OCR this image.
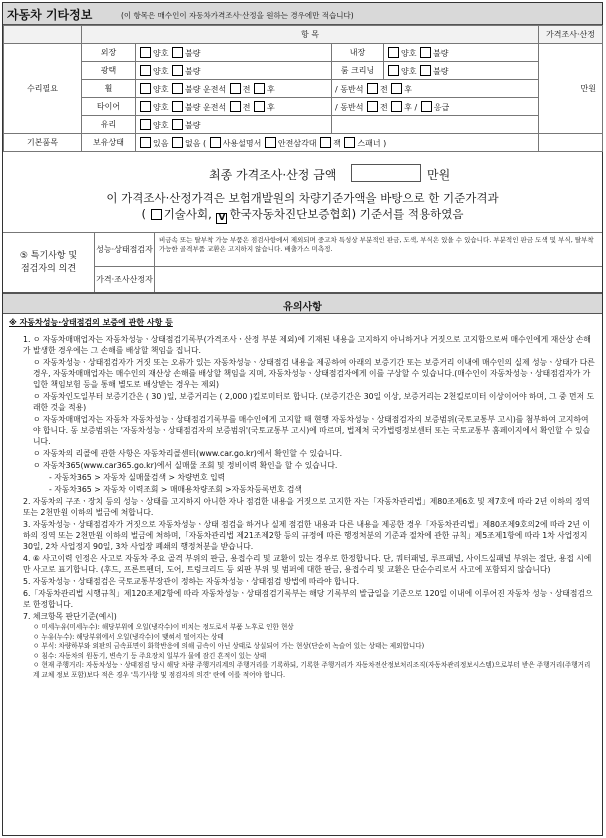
자동차 기타정보	(이 항목은 매수인이 자동차가격조사·산정을 원하는 경우에만 적습니다)
	항 목				가격조사·산정
수리필요	외장	양호 불량	내장	양호 불량	만원
	광택	양호 불량	룸 크리닝	양호 불량	
	휠	양호 불량 운전석 전 후	/ 동반석 전 후		
	타이어	양호 불량 운전석 전 후	/ 동반석 전 후 / 응급		
	유리	양호 불량			
기본품목	보유상태	있음 없음 ( 사용설명서 안전삼각대 잭 스패너 )			
최종 가격조사·산정 금액	만원
이 가격조사·산정가격은 보험개발원의 차량기준가액을 바탕으로 한 기준가격과
( 기술사회, V 한국자동차진단보증협회) 기준서를 적용하였음
⑤ 특기사항 및
점검자의 의견
성능·상태점검자
비금속 또는 탈부착 가능 부품은 점검사항에서 제외되며 중고차 특성상 부분적인 판금, 도색, 부식은 있을 수 있습니다. 부분적인 판금 도색 및 부식, 탈부착 가능한 골격부품 교환은 고지하지 않습니다. 배출가스 미측정.
가격·조사산정자
유의사항
※ 자동차성능·상태점검의 보증에 관한 사항 등
1. ㅇ 자동차매매업자는 자동차성능ㆍ상태점검기록부(가격조사ㆍ산정 부분 제외)에 기재된 내용을 고지하지 아니하거나 거짓으로 고지함으로써 매수인에게 재산상 손해가 발생한 경우에는 그 손해를 배상할 책임을 집니다.
ㅇ 자동차성능ㆍ상태점검자가 거짓 또는 오류가 있는 자동차성능ㆍ상태점검 내용을 제공하여 아래의 보증기간 또는 보증거리 이내에 매수인의 실제 성능ㆍ상태가 다른 경우, 자동차매매업자는 매수인의 재산상 손해를 배상할 책임을 지며, 자동차성능ㆍ상태점검자에게 이를 구상할 수 있습니다.(매수인이 자동차성능ㆍ상태점검자가 가입한 책임보험 등을 통해 별도로 배상받는 경우는 제외)
ㅇ 자동차인도일부터 보증기간은 ( 30 )일, 보증거리는 ( 2,000 )킬로미터로 합니다. (보증기간은 30일 이상, 보증거리는 2천킬로미터 이상이어야 하며, 그 중 먼저 도래한 것을 적용)
ㅇ 자동차매매업자는 자동차 자동차성능ㆍ상태점검기록부를 매수인에게 고지할 때 현행 자동차성능ㆍ상태점검자의 보증범위(국토교통부 고시)를 첨부하여 고지하여야 합니다. 동 보증범위는 '자동차성능ㆍ상태점검자의 보증범위'(국토교통부 고시)에 따르며, 법제처 국가법령정보센터 또는 국토교통부 홈페이지에서 확인할 수 있습니다.
ㅇ 자동차의 리콜에 관한 사항은 자동차리콜센터(www.car.go.kr)에서 확인할 수 있습니다.
ㅇ 자동차365(www.car365.go.kr)에서 실매물 조회 및 정비이력 확인을 할 수 있습니다.
- 자동차365 > 자동차 실매물검색 > 차량번호 입력
- 자동차365 > 자동차 이력조회 > 매매용차량조회 >자동차등록번호 검색
2. 자동차의 구조ㆍ장치 등의 성능ㆍ상태를 고지하지 아니한 자나 점검한 내용을 거짓으로 고지한 자는「자동차관리법」제80조제6호 및 제7호에 따라 2년 이하의 징역 또는 2천만원 이하의 벌금에 처합니다.
3. 자동차성능ㆍ상태점검자가 거짓으로 자동차성능ㆍ상태 점검을 하거나 실제 점검한 내용과 다른 내용을 제공한 경우「자동차관리법」제80조제9호의2에 따라 2년 이하의 징역 또는 2천만원 이하의 벌금에 처하며,「자동차관리법 제21조제2항 등의 규정에 따른 행정처분의 기준과 절차에 관한 규칙」제5조제1항에 따라 1차 사업정지 30일, 2차 사업정지 90일, 3차 사업장 폐쇄의 행정처분을 받습니다.
4. ⑥ 사고이력 인정은 사고로 자동차 주요 골격 부위의 판금, 용접수리 및 교환이 있는 경우로 한정합니다. 단, 쿼터패널, 루프패널, 사이드실패널 부위는 절단, 용접 시에만 사고로 표기합니다. (후드, 프론트펜더, 도어, 트렁크리드 등 외판 부위 및 범퍼에 대한 판금, 용접수리 및 교환은 단순수리로서 사고에 포함되지 않습니다)
5. 자동차성능ㆍ상태점검은 국토교통부장관이 정하는 자동차성능ㆍ상태점검 방법에 따라야 합니다.
6.「자동차관리법 시행규칙」제120조제2항에 따라 자동차성능ㆍ상태점검기록부는 해당 기록부의 발급일을 기준으로 120일 이내에 이루어진 자동차 성능ㆍ상태점검으로 한정합니다.
7. 체크항목 판단기준(예시)
ㅇ 미세누유(미세누수): 해당부위에 오일(냉각수)이 비치는 정도로서 부품 노후로 인한 현상
ㅇ 누유(누수): 해당부위에서 오일(냉각수)이 맺혀서 떨어지는 상태
ㅇ 부식: 차량하부와 외판의 금속표면이 화학반응에 의해 금속이 아닌 상태로 상실되어 가는 현상(단순히 녹슬어 있는 상태는 제외합니다)
ㅇ 침수: 자동차의 원동기, 변속기 등 주요장치 일부가 물에 잠긴 흔적이 있는 상태
ㅇ 현재 주행거리: 자동차성능ㆍ상태점검 당시 해당 차량 주행거리계의 주행거리를 기록하되, 기록한 주행거리가 자동차전산정보처리조직(자동차관리정보시스템)으로부터 받은 주행거리(주행거리계 교체 정보 포함)보다 적은 경우 '특기사항 및 점검자의 의견' 란에 이를 적어야 합니다.
